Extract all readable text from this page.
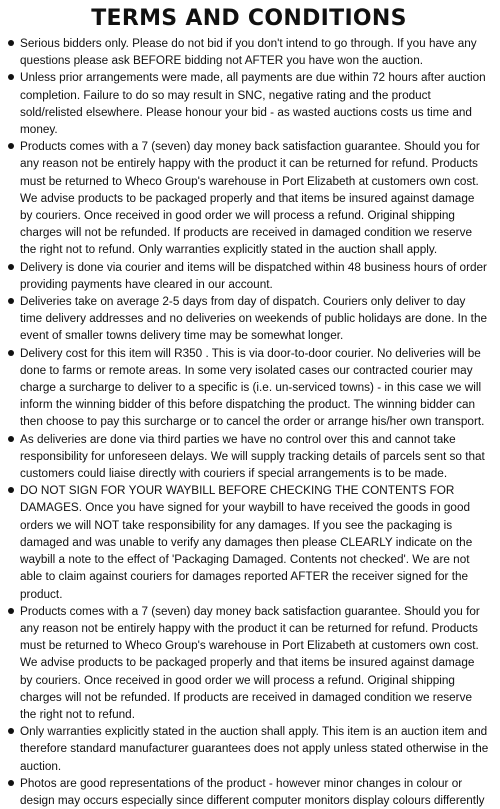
TERMS AND CONDITIONS
Serious bidders only. Please do not bid if you don't intend to go through. If you have any questions please ask BEFORE bidding not AFTER you have won the auction.
Unless prior arrangements were made, all payments are due within 72 hours after auction completion. Failure to do so may result in SNC, negative rating and the product sold/relisted elsewhere. Please honour your bid - as wasted auctions costs us time and money.
Products comes with a 7 (seven) day money back satisfaction guarantee. Should you for any reason not be entirely happy with the product it can be returned for refund. Products must be returned to Wheco Group's warehouse in Port Elizabeth at customers own cost. We advise products to be packaged properly and that items be insured against damage by couriers. Once received in good order we will process a refund. Original shipping charges will not be refunded. If products are received in damaged condition we reserve the right not to refund. Only warranties explicitly stated in the auction shall apply.
Delivery is done via courier and items will be dispatched within 48 business hours of order providing payments have cleared in our account.
Deliveries take on average 2-5 days from day of dispatch. Couriers only deliver to day time delivery addresses and no deliveries on weekends of public holidays are done. In the event of smaller towns delivery time may be somewhat longer.
Delivery cost for this item will R350 . This is via door-to-door courier. No deliveries will be done to farms or remote areas. In some very isolated cases our contracted courier may charge a surcharge to deliver to a specific is (i.e. un-serviced towns) - in this case we will inform the winning bidder of this before dispatching the product. The winning bidder can then choose to pay this surcharge or to cancel the order or arrange his/her own transport.
As deliveries are done via third parties we have no control over this and cannot take responsibility for unforeseen delays. We will supply tracking details of parcels sent so that customers could liaise directly with couriers if special arrangements is to be made.
DO NOT SIGN FOR YOUR WAYBILL BEFORE CHECKING THE CONTENTS FOR DAMAGES. Once you have signed for your waybill to have received the goods in good orders we will NOT take responsibility for any damages. If you see the packaging is damaged and was unable to verify any damages then please CLEARLY indicate on the waybill a note to the effect of 'Packaging Damaged. Contents not checked'. We are not able to claim against couriers for damages reported AFTER the receiver signed for the product.
Products comes with a 7 (seven) day money back satisfaction guarantee. Should you for any reason not be entirely happy with the product it can be returned for refund. Products must be returned to Wheco Group's warehouse in Port Elizabeth at customers own cost. We advise products to be packaged properly and that items be insured against damage by couriers. Once received in good order we will process a refund. Original shipping charges will not be refunded. If products are received in damaged condition we reserve the right not to refund.
Only warranties explicitly stated in the auction shall apply. This item is an auction item and therefore standard manufacturer guarantees does not apply unless stated otherwise in the auction.
Photos are good representations of the product - however minor changes in colour or design may occurs especially since different computer monitors display colours differently
